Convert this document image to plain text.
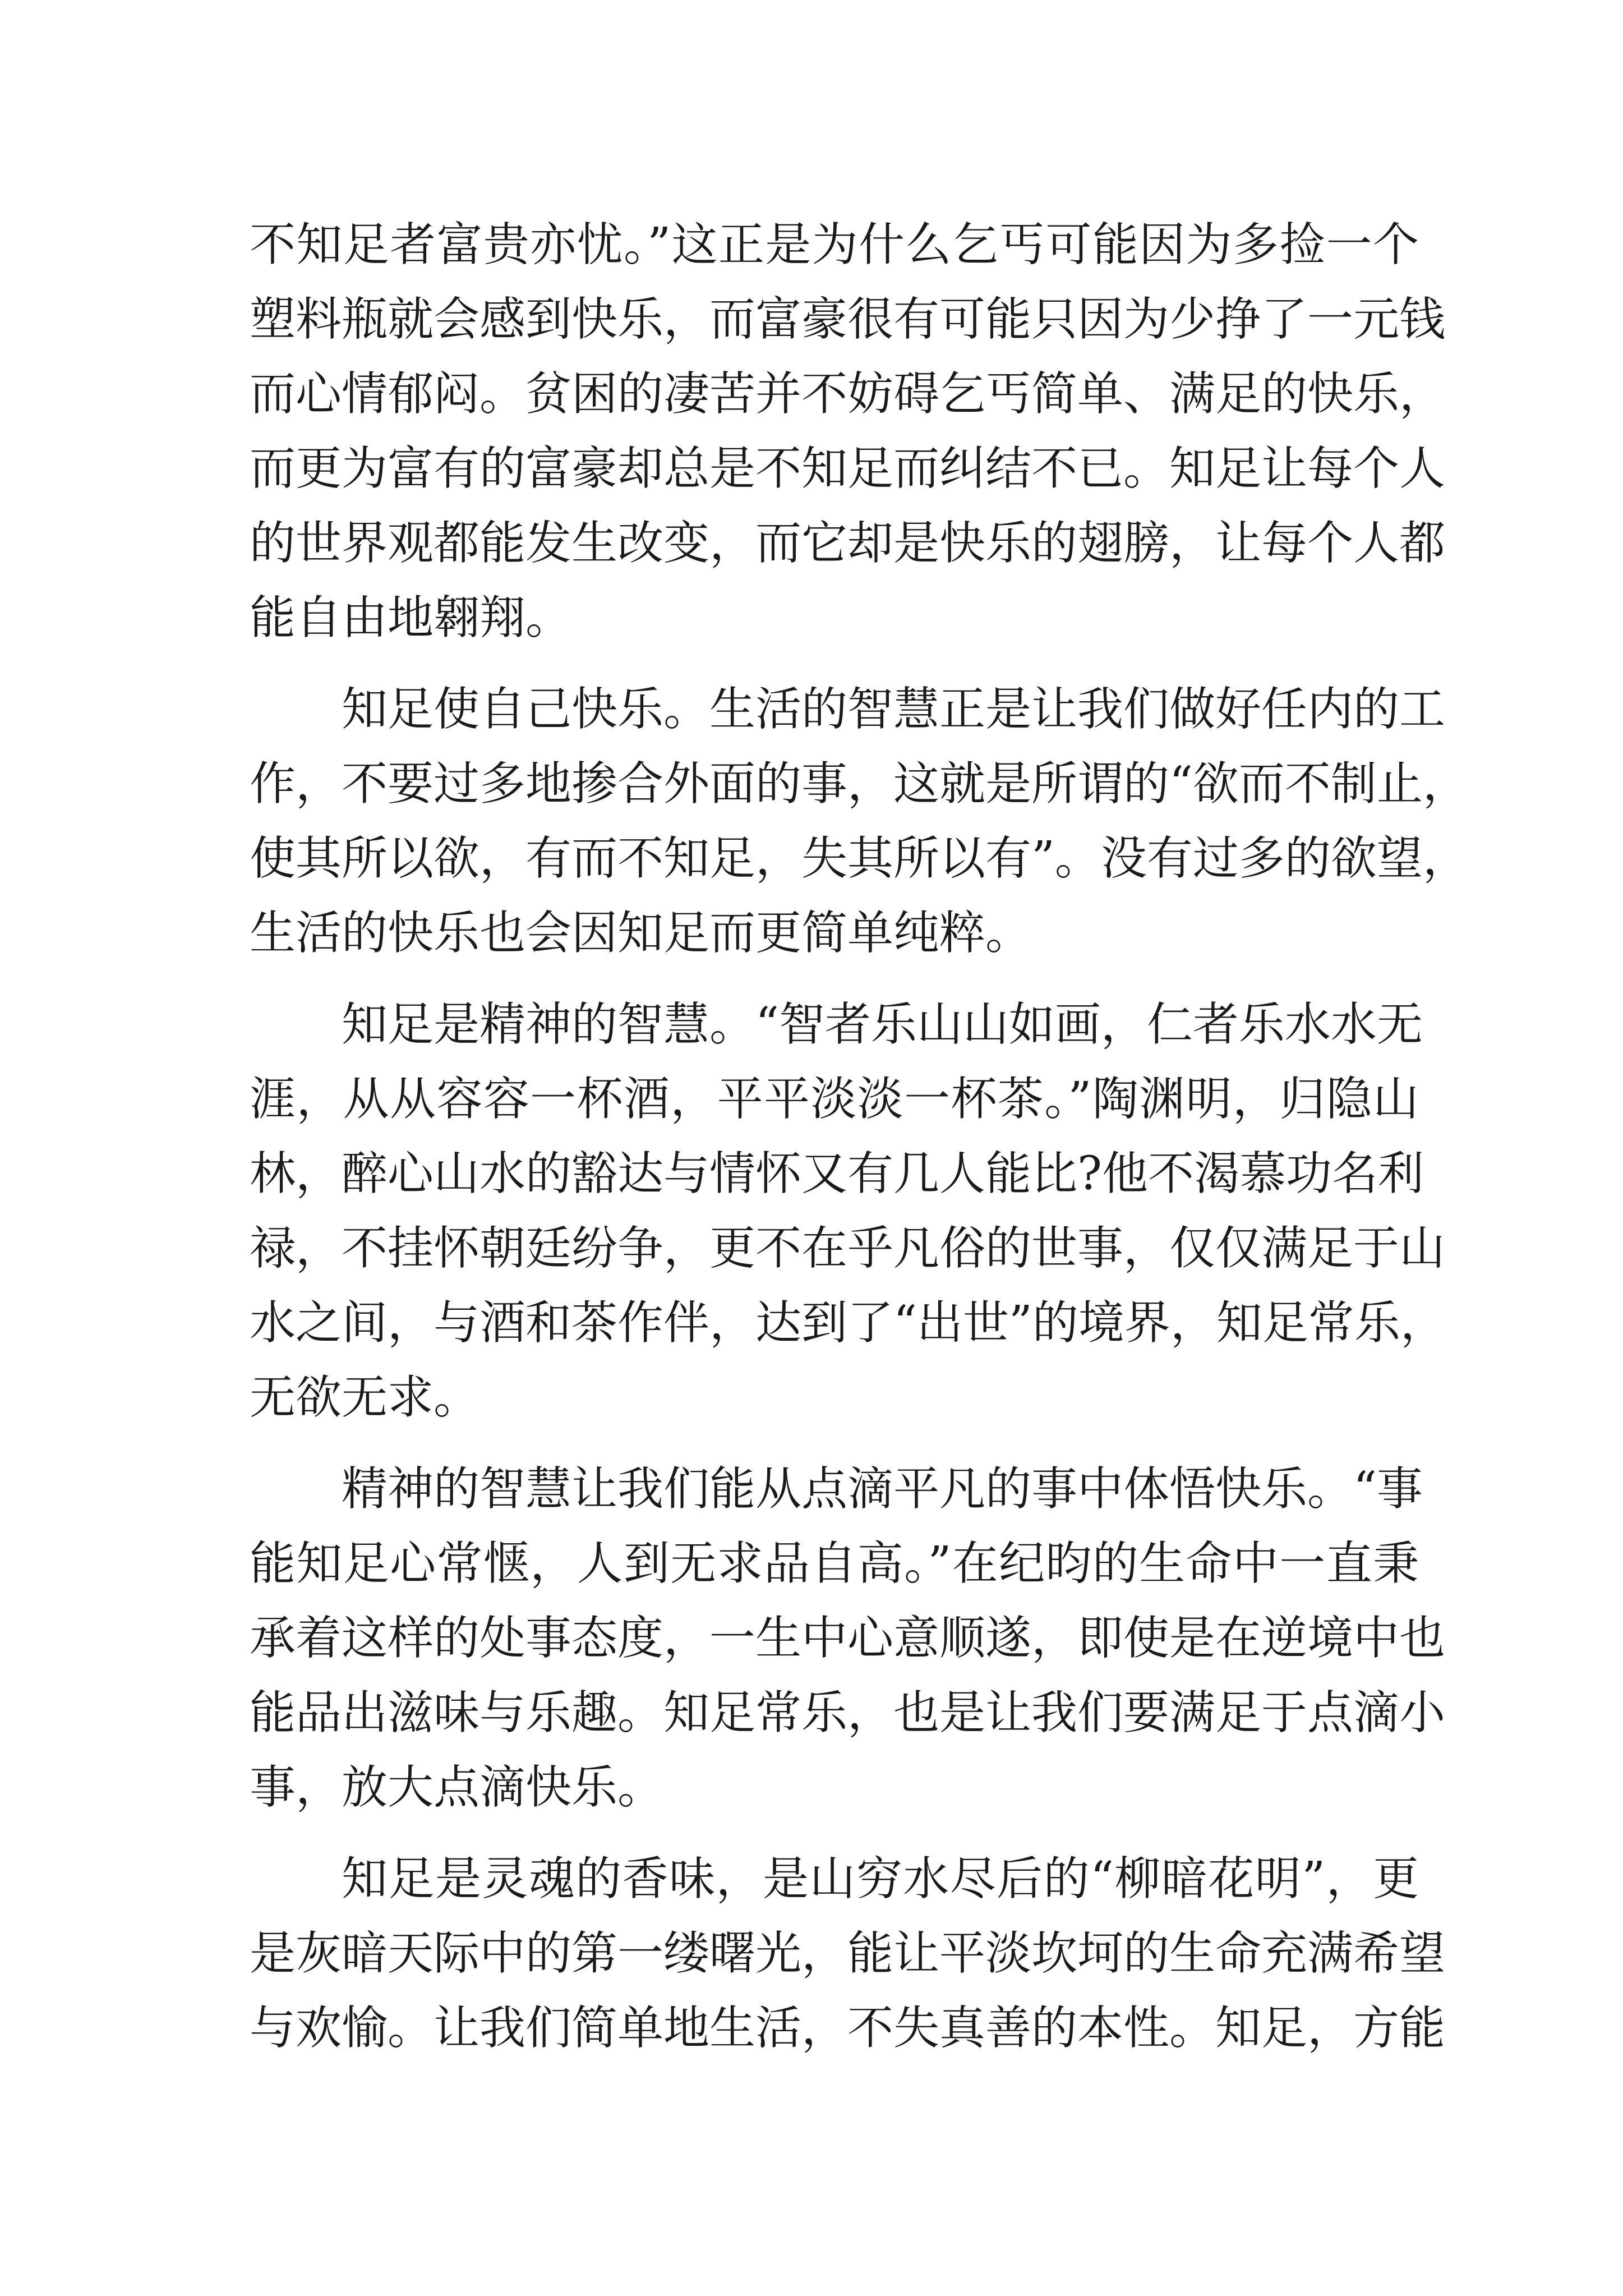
不知足者富贵亦忧。”这正是为什么乞丐可能因为多捡一个
塑料瓶就会感到快乐，而富豪很有可能只因为少挣了一元钱
而心情郁闷。贫困的凄苦并不妨碍乞丐简单、满足的快乐，
而更为富有的富豪却总是不知足而纠结不已。知足让每个人
的世界观都能发生改变，而它却是快乐的翅膀，让每个人都
能自由地翱翔。
知足使自己快乐。生活的智慧正是让我们做好任内的工
作，不要过多地掺合外面的事，这就是所谓的“欲而不制止，
使其所以欲，有而不知足，失其所以有”。没有过多的欲望，
生活的快乐也会因知足而更简单纯粹。
知足是精神的智慧。“智者乐山山如画，仁者乐水水无
涯，从从容容一杯酒，平平淡淡一杯茶。”陶渊明，归隐山
林，醉心山水的豁达与情怀又有几人能比?他不渴慕功名利
禄，不挂怀朝廷纷争，更不在乎凡俗的世事，仅仅满足于山
水之间，与酒和茶作伴，达到了“出世”的境界，知足常乐，
无欲无求。
精神的智慧让我们能从点滴平凡的事中体悟快乐。“事
能知足心常惬，人到无求品自高。”在纪昀的生命中一直秉
承着这样的处事态度，一生中心意顺遂，即使是在逆境中也
能品出滋味与乐趣。知足常乐，也是让我们要满足于点滴小
事，放大点滴快乐。
知足是灵魂的香味，是山穷水尽后的“柳暗花明”，更
是灰暗天际中的第一缕曙光，能让平淡坎坷的生命充满希望
与欢愉。让我们简单地生活，不失真善的本性。知足，方能
